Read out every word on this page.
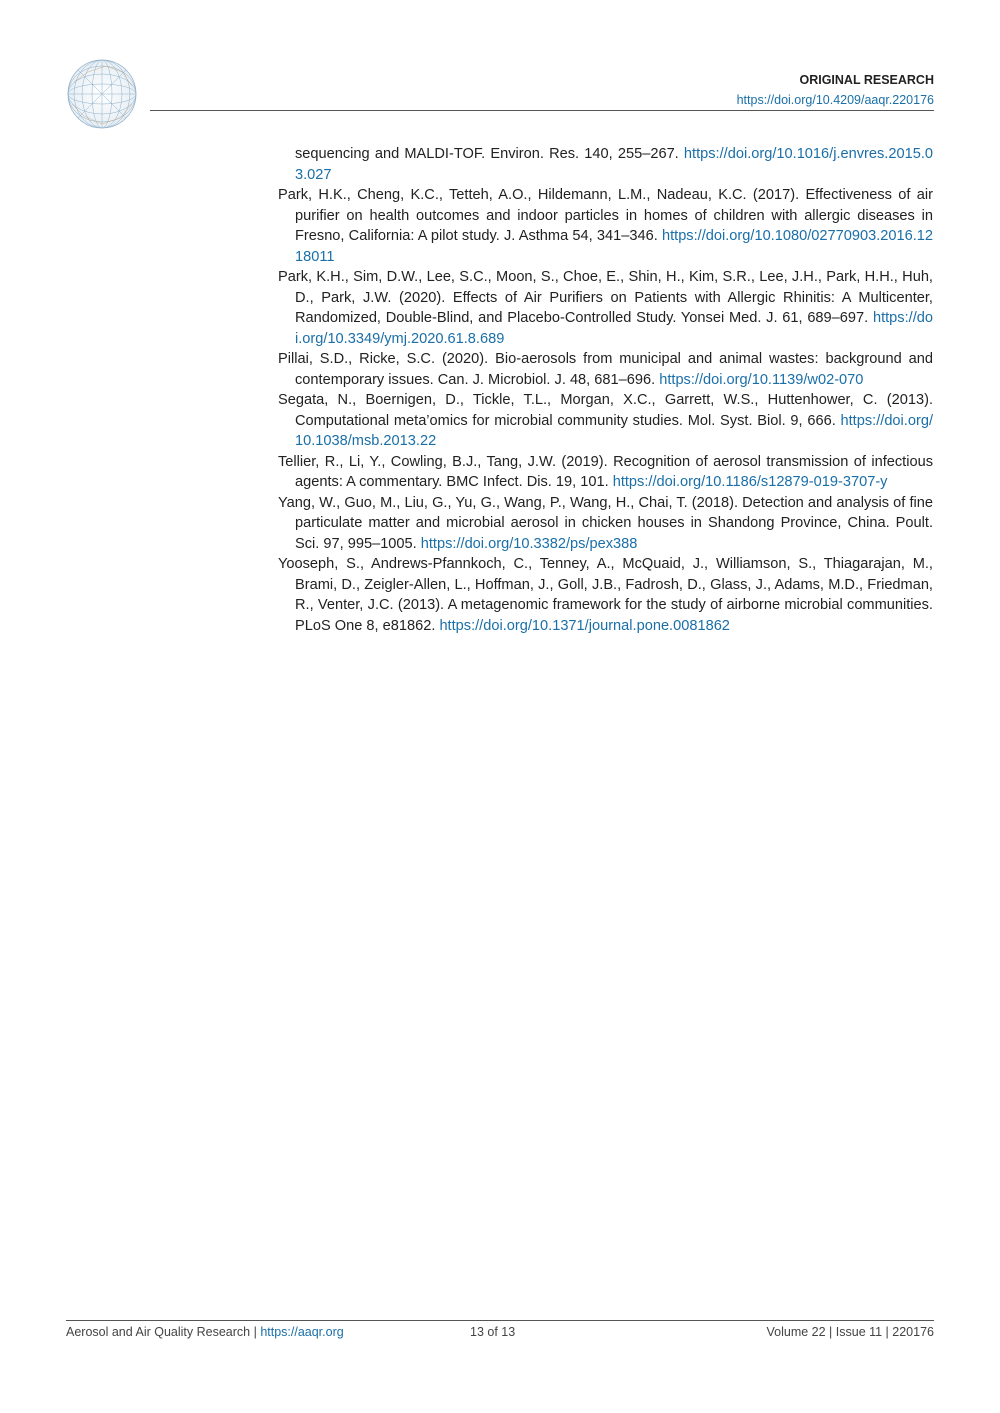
ORIGINAL RESEARCH
https://doi.org/10.4209/aaqr.220176

sequencing and MALDI-TOF. Environ. Res. 140, 255–267. https://doi.org/10.1016/j.envres.2015.03.027

Park, H.K., Cheng, K.C., Tetteh, A.O., Hildemann, L.M., Nadeau, K.C. (2017). Effectiveness of air purifier on health outcomes and indoor particles in homes of children with allergic diseases in Fresno, California: A pilot study. J. Asthma 54, 341–346. https://doi.org/10.1080/02770903.2016.1218011

Park, K.H., Sim, D.W., Lee, S.C., Moon, S., Choe, E., Shin, H., Kim, S.R., Lee, J.H., Park, H.H., Huh, D., Park, J.W. (2020). Effects of Air Purifiers on Patients with Allergic Rhinitis: A Multicenter, Randomized, Double-Blind, and Placebo-Controlled Study. Yonsei Med. J. 61, 689–697. https://doi.org/10.3349/ymj.2020.61.8.689

Pillai, S.D., Ricke, S.C. (2020). Bio-aerosols from municipal and animal wastes: background and contemporary issues. Can. J. Microbiol. J. 48, 681–696. https://doi.org/10.1139/w02-070

Segata, N., Boernigen, D., Tickle, T.L., Morgan, X.C., Garrett, W.S., Huttenhower, C. (2013). Computational meta’omics for microbial community studies. Mol. Syst. Biol. 9, 666. https://doi.org/10.1038/msb.2013.22

Tellier, R., Li, Y., Cowling, B.J., Tang, J.W. (2019). Recognition of aerosol transmission of infectious agents: A commentary. BMC Infect. Dis. 19, 101. https://doi.org/10.1186/s12879-019-3707-y

Yang, W., Guo, M., Liu, G., Yu, G., Wang, P., Wang, H., Chai, T. (2018). Detection and analysis of fine particulate matter and microbial aerosol in chicken houses in Shandong Province, China. Poult. Sci. 97, 995–1005. https://doi.org/10.3382/ps/pex388

Yooseph, S., Andrews-Pfannkoch, C., Tenney, A., McQuaid, J., Williamson, S., Thiagarajan, M., Brami, D., Zeigler-Allen, L., Hoffman, J., Goll, J.B., Fadrosh, D., Glass, J., Adams, M.D., Friedman, R., Venter, J.C. (2013). A metagenomic framework for the study of airborne microbial communities. PLoS One 8, e81862. https://doi.org/10.1371/journal.pone.0081862

Aerosol and Air Quality Research | https://aaqr.org	13 of 13	Volume 22 | Issue 11 | 220176
